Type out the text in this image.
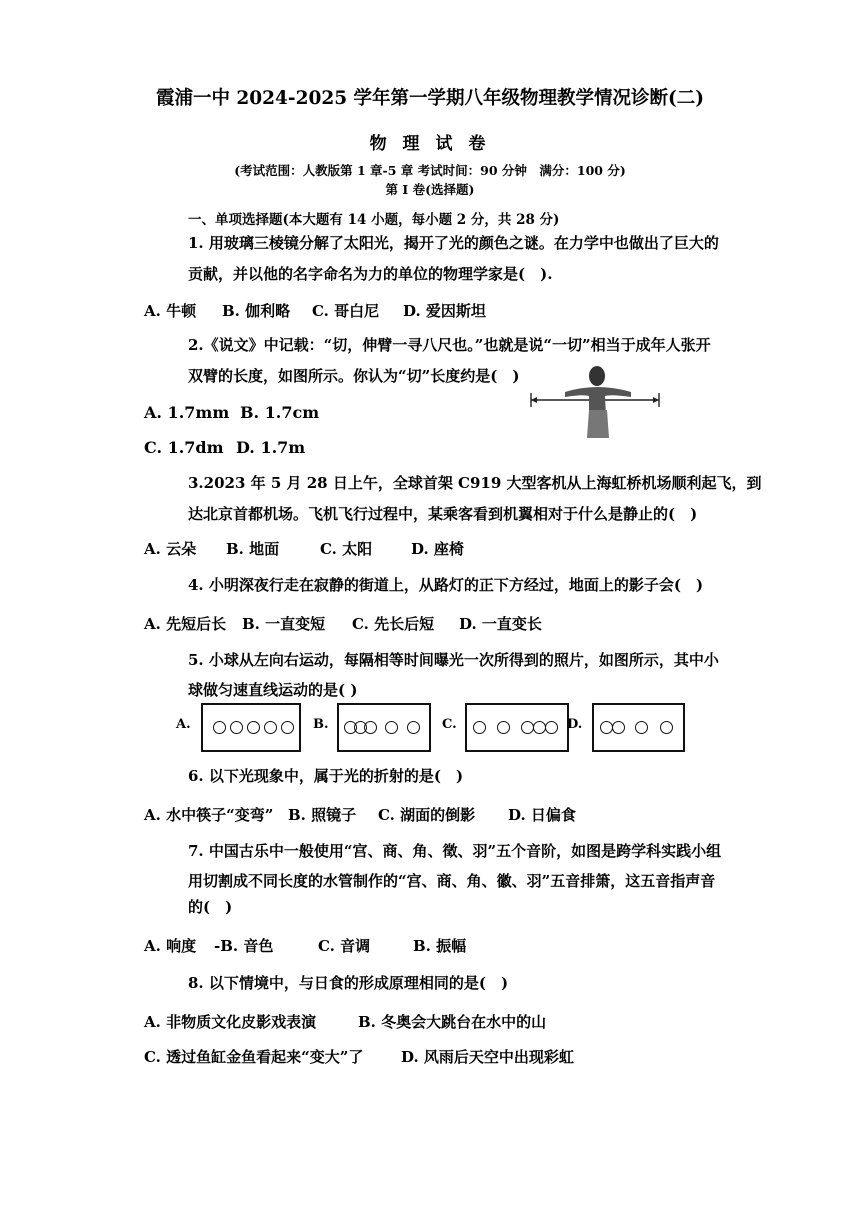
霞浦一中 2024-2025 学年第一学期八年级物理教学情况诊断(二)
物 理 试 卷
(考试范围：人教版第 1 章-5 章 考试时间：90 分钟　满分：100 分)
第 I 卷(选择题)
一、单项选择题(本大题有 14 小题，每小题 2 分，共 28 分)
1. 用玻璃三棱镜分解了太阳光，揭开了光的颜色之谜。在力学中也做出了巨大的
贡献，并以他的名字命名为力的单位的物理学家是(　).
A. 牛顿 B. 伽利略 C. 哥白尼 D. 爱因斯坦
2.《说文》中记载：“切，伸臂一寻八尺也。”也就是说“一切”相当于成年人张开
双臂的长度，如图所示。你认为“切”长度约是(　)
A. 1.7mm B. 1.7cm
C. 1.7dm D. 1.7m
3.2023 年 5 月 28 日上午，全球首架 C919 大型客机从上海虹桥机场顺利起飞，到
达北京首都机场。飞机飞行过程中，某乘客看到机翼相对于什么是静止的(　)
A. 云朵 B. 地面	C. 太阳	D. 座椅
4. 小明深夜行走在寂静的街道上，从路灯的正下方经过，地面上的影子会(　)
A. 先短后长 B. 一直变短 C. 先长后短 D. 一直变长
5. 小球从左向右运动，每隔相等时间曝光一次所得到的照片，如图所示，其中小
球做匀速直线运动的是( )
A.	B.	C.	D.
6. 以下光现象中，属于光的折射的是(　)
A. 水中筷子“变弯” B. 照镜子 C. 湖面的倒影 D. 日偏食
7. 中国古乐中一般使用“宫、商、角、徵、羽”五个音阶，如图是跨学科实践小组
用切割成不同长度的水管制作的“宫、商、角、徽、羽”五音排箫，这五音指声音
的(　)
A. 响度 -B. 音色	C. 音调	B. 振幅
8. 以下情境中，与日食的形成原理相同的是(　)
A. 非物质文化皮影戏表演	B. 冬奥会大跳台在水中的山
C. 透过鱼缸金鱼看起来“变大”了	D. 风雨后天空中出现彩虹
